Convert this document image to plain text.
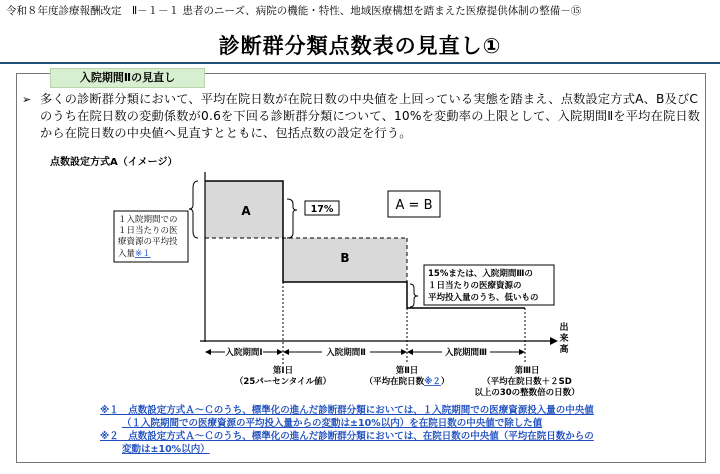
令和８年度診療報酬改定　Ⅱ－１－１ 患者のニーズ、病院の機能・特性、地域医療構想を踏まえた医療提供体制の整備－⑮
診断群分類点数表の見直し①
入院期間Ⅱの見直し
➢ 多くの診断群分類において、平均在院日数が在院日数の中央値を上回っている実態を踏まえ、点数設定方式A、B及びCのうち在院日数の変動係数が0.6を下回る診断群分類について、10%を変動率の上限として、入院期間Ⅱを平均在院日数から在院日数の中央値へ見直すとともに、包括点数の設定を行う。
点数設定方式A（イメージ）
A
B
入院期間Ⅰ	入院期間Ⅱ	入院期間Ⅲ
第Ⅰ日
（25パーセンタイル値）
第Ⅱ日
（平均在院日数※２）
第Ⅲ日
（平均在院日数＋２SD
以上の30の整数倍の日数）
出
来
高
１入院期間での
１日当たりの医
療資源の平均投
入量※１
17%	A = B
15%または、入院期間Ⅲの
１日当たりの医療資源の
平均投入量のうち、低いもの
※１　点数設定方式Ａ～Ｃのうち、標準化の進んだ診断群分類においては、１入院期間での医療資源投入量の中央値
（１入院期間での医療資源の平均投入量からの変動は±10%以内）を在院日数の中央値で除した値
※２　点数設定方式Ａ～Ｃのうち、標準化の進んだ診断群分類においては、在院日数の中央値（平均在院日数からの
変動は±10%以内）
